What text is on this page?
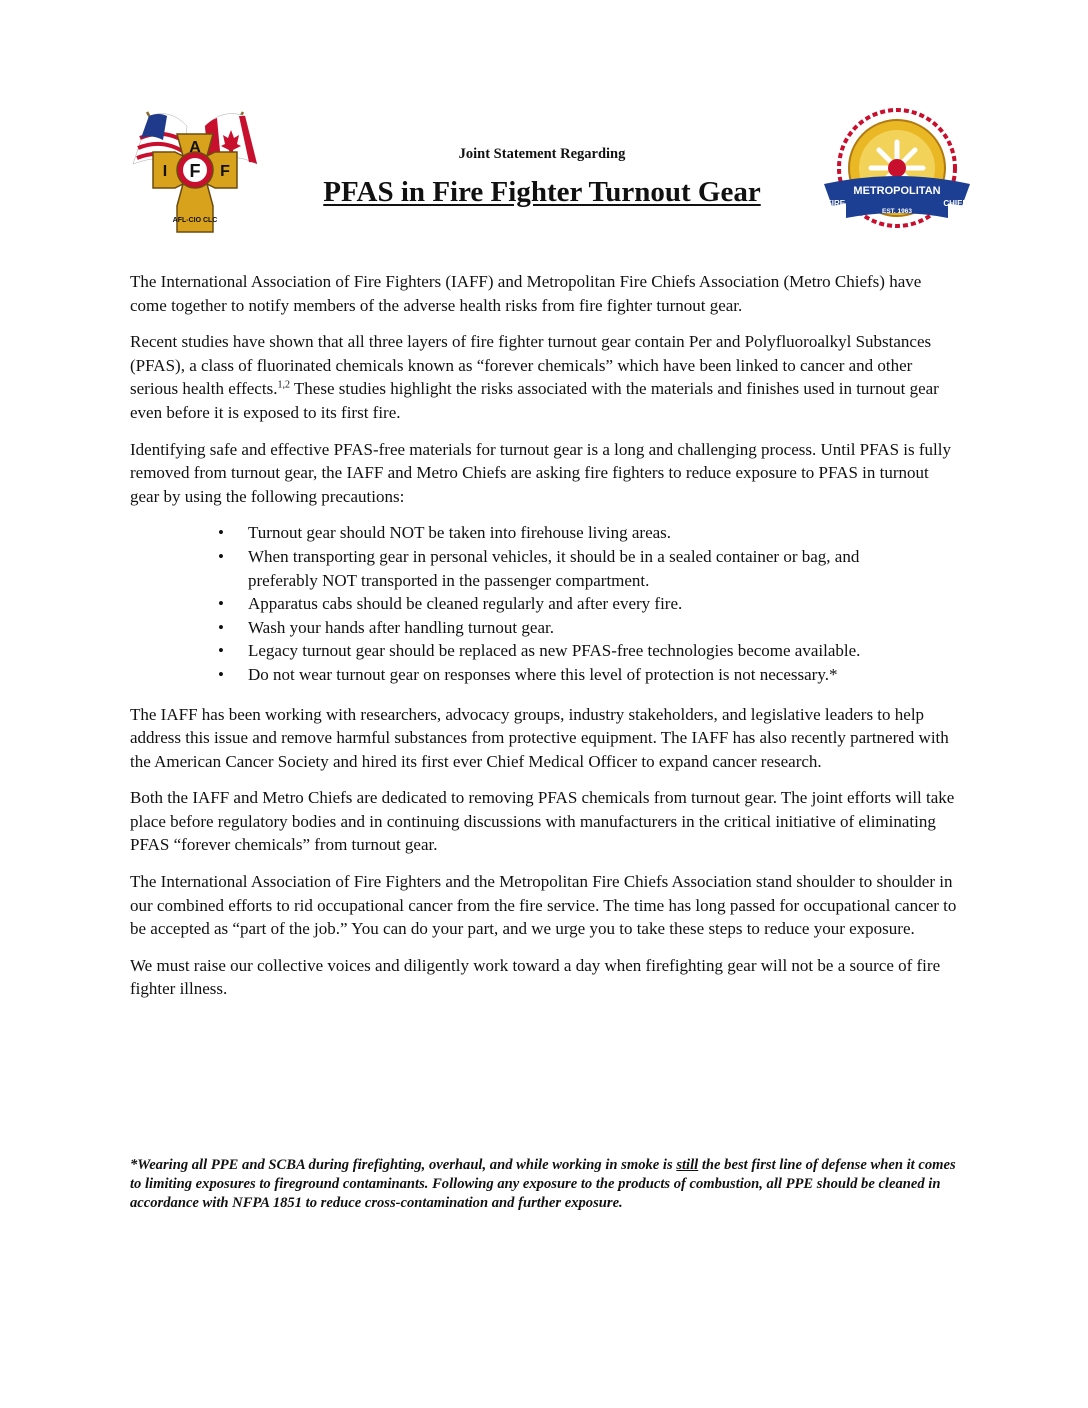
A
I F F
AFL-CIO CLC
Joint Statement Regarding
PFAS in Fire Fighter Turnout Gear	METROPOLITAN
FIRE	CHIEFS
EST. 1963

The International Association of Fire Fighters (IAFF) and Metropolitan Fire Chiefs Association (Metro Chiefs) have come together to notify members of the adverse health risks from fire fighter turnout gear.

Recent studies have shown that all three layers of fire fighter turnout gear contain Per and Polyfluoroalkyl Substances (PFAS), a class of fluorinated chemicals known as “forever chemicals” which have been linked to cancer and other serious health effects.$^{1,2}$ These studies highlight the risks associated with the materials and finishes used in turnout gear even before it is exposed to its first fire.

Identifying safe and effective PFAS-free materials for turnout gear is a long and challenging process. Until PFAS is fully removed from turnout gear, the IAFF and Metro Chiefs are asking fire fighters to reduce exposure to PFAS in turnout gear by using the following precautions:

• Turnout gear should NOT be taken into firehouse living areas.
• When transporting gear in personal vehicles, it should be in a sealed container or bag, and preferably NOT transported in the passenger compartment.
• Apparatus cabs should be cleaned regularly and after every fire.
• Wash your hands after handling turnout gear.
• Legacy turnout gear should be replaced as new PFAS-free technologies become available.
• Do not wear turnout gear on responses where this level of protection is not necessary.*

The IAFF has been working with researchers, advocacy groups, industry stakeholders, and legislative leaders to help address this issue and remove harmful substances from protective equipment. The IAFF has also recently partnered with the American Cancer Society and hired its first ever Chief Medical Officer to expand cancer research.

Both the IAFF and Metro Chiefs are dedicated to removing PFAS chemicals from turnout gear. The joint efforts will take place before regulatory bodies and in continuing discussions with manufacturers in the critical initiative of eliminating PFAS “forever chemicals” from turnout gear.

The International Association of Fire Fighters and the Metropolitan Fire Chiefs Association stand shoulder to shoulder in our combined efforts to rid occupational cancer from the fire service. The time has long passed for occupational cancer to be accepted as “part of the job.” You can do your part, and we urge you to take these steps to reduce your exposure.

We must raise our collective voices and diligently work toward a day when firefighting gear will not be a source of fire fighter illness.

*Wearing all PPE and SCBA during firefighting, overhaul, and while working in smoke is still the best first line of defense when it comes to limiting exposures to fireground contaminants. Following any exposure to the products of combustion, all PPE should be cleaned in accordance with NFPA 1851 to reduce cross-contamination and further exposure.
